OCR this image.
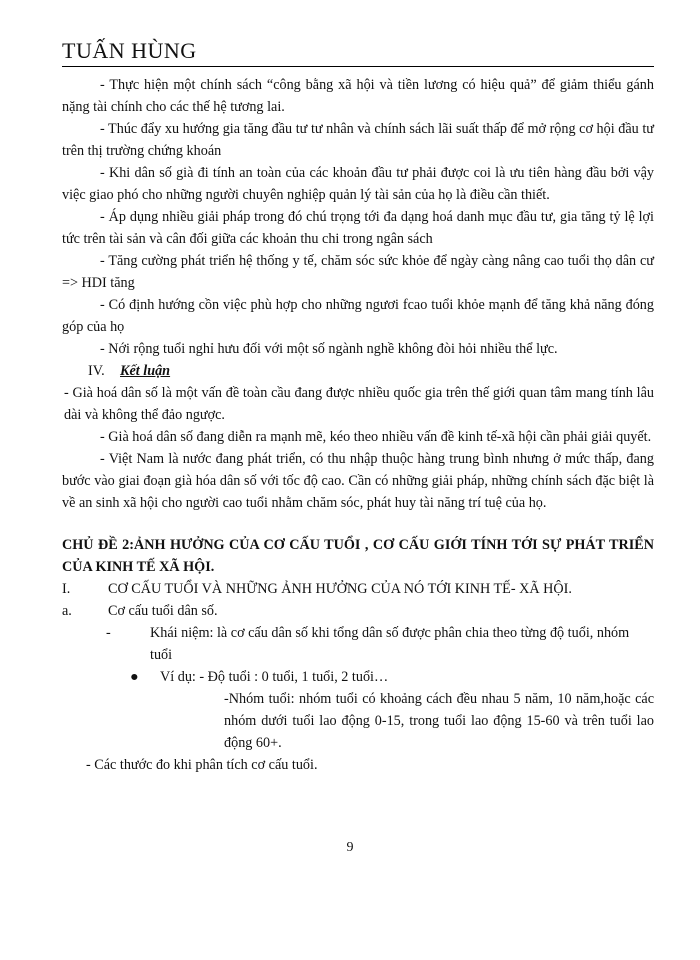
TUẤN HÙNG

- Thực hiện một chính sách “công bằng xã hội và tiền lương có hiệu quả” để giảm thiểu gánh nặng tài chính cho các thế hệ tương lai.

- Thúc đẩy xu hướng gia tăng đầu tư tư nhân và chính sách lãi suất thấp để mở rộng cơ hội đầu tư trên thị trường chứng khoán

- Khi dân số già đi tính an toàn của các khoản đầu tư phải được coi là ưu tiên hàng đầu bởi vậy việc giao phó cho những người chuyên nghiệp quản lý tài sản của họ là điều cần thiết.

- Áp dụng nhiều giải pháp trong đó chú trọng tới đa dạng hoá danh mục đầu tư, gia tăng tỷ lệ lợi tức trên tài sản và cân đối giữa các khoản thu chi trong ngân sách

- Tăng cường phát triển hệ thống y tế, chăm sóc sức khỏe để ngày càng nâng cao tuổi thọ dân cư => HDI tăng

- Có định hướng cồn việc phù hợp cho những ngươi fcao tuổi khỏe mạnh để tăng khả năng đóng góp của họ

- Nới rộng tuổi nghỉ hưu đối với một số ngành nghề không đòi hỏi nhiều thể lực.

IV.	Kết luận

- Già hoá dân số là một vấn đề toàn cầu đang được nhiều quốc gia trên thế giới quan tâm mang tính lâu dài và không thể đảo ngược.

- Già hoá dân số đang diễn ra mạnh mẽ, kéo theo nhiều vấn đề kinh tế-xã hội cần phải giải quyết.

- Việt Nam là nước đang phát triển, có thu nhập thuộc hàng trung bình nhưng ở mức thấp, đang bước vào giai đoạn già hóa dân số với tốc độ cao. Cần có những giải pháp, những chính sách đặc biệt là về an sinh xã hội cho người cao tuổi nhằm chăm sóc, phát huy tài năng trí tuệ của họ.

CHỦ ĐỀ 2:ẢNH HƯỞNG CỦA CƠ CẤU TUỔI , CƠ CẤU GIỚI TÍNH TỚI SỰ PHÁT TRIỂN CỦA KINH TẾ XÃ HỘI.
I.	CƠ CẤU TUỔI VÀ NHỮNG ẢNH HƯỞNG CỦA NÓ TỚI KINH TẾ- XÃ HỘI.
a.	Cơ cấu tuổi dân số.
-	Khái niệm: là cơ cấu dân số khi tổng dân số được phân chia theo từng độ tuổi, nhóm tuổi
●	Ví dụ: - Độ tuổi : 0 tuổi, 1 tuổi, 2 tuổi…

-Nhóm tuổi: nhóm tuổi có khoảng cách đều nhau 5 năm, 10 năm,hoặc các nhóm dưới tuổi lao động 0-15, trong tuổi lao động 15-60 và trên tuổi lao động 60+.

- Các thước đo khi phân tích cơ cấu tuổi.

9
